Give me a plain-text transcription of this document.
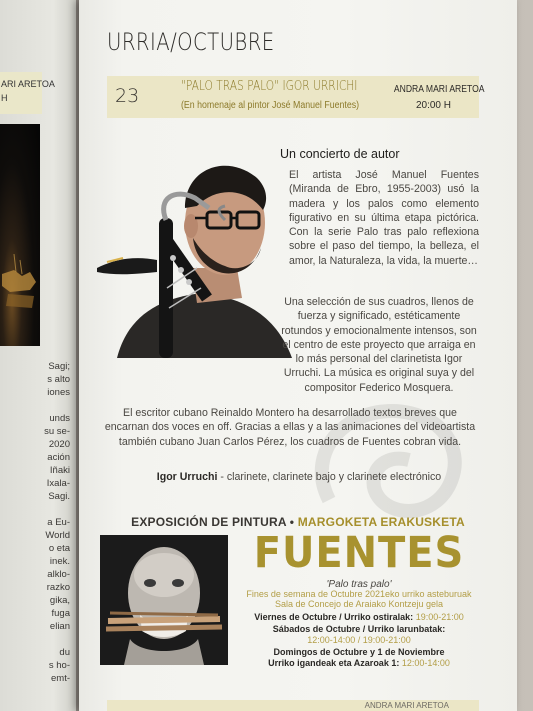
ARI ARETOA
H
Sagi;
s alto
iones
unds
su se-
2020
ación
Iñaki
Ixala-
Sagi.
a Eu-
World
o eta
inek.
alklo-
razko
gika,
fuga
elian
du
s ho-
emt-
URRIA/OCTUBRE
23	"PALO TRAS PALO" IGOR URRICHI
(En homenaje al pintor José Manuel Fuentes)
ANDRA MARI ARETOA
20:00 H
Un concierto de autor
El artista José Manuel Fuentes (Miranda de Ebro, 1955-2003) usó la madera y los palos como elemento figurativo en su última etapa pictórica. Con la serie Palo tras palo reflexiona sobre el paso del tiempo, la belleza, el amor, la Naturaleza, la vida, la muerte…
Una selección de sus cuadros, llenos de fuerza y significado, estéticamente rotundos y emocionalmente intensos, son el centro de este proyecto que arraiga en lo más personal del clarinetista Igor Urruchi. La música es original suya y del compositor Federico Mosquera.
El escritor cubano Reinaldo Montero ha desarrollado textos breves que encarnan dos voces en off. Gracias a ellas y a las animaciones del videoartista también cubano Juan Carlos Pérez, los cuadros de Fuentes cobran vida.
Igor Urruchi - clarinete, clarinete bajo y clarinete electrónico
EXPOSICIÓN DE PINTURA • MARGOKETA ERAKUSKETA
FUENTES
'Palo tras palo'
Fines de semana de Octubre 2021eko urriko asteburuak
Sala de Concejo de Araiako Kontzeju gela
Viernes de Octubre / Urriko ostiralak: 19:00-21:00
Sábados de Octubre / Urriko larunbatak:
12:00-14:00 / 19:00-21:00
Domingos de Octubre y 1 de Noviembre
Urriko igandeak eta Azaroak 1: 12:00-14:00
ANDRA MARI ARETOA
